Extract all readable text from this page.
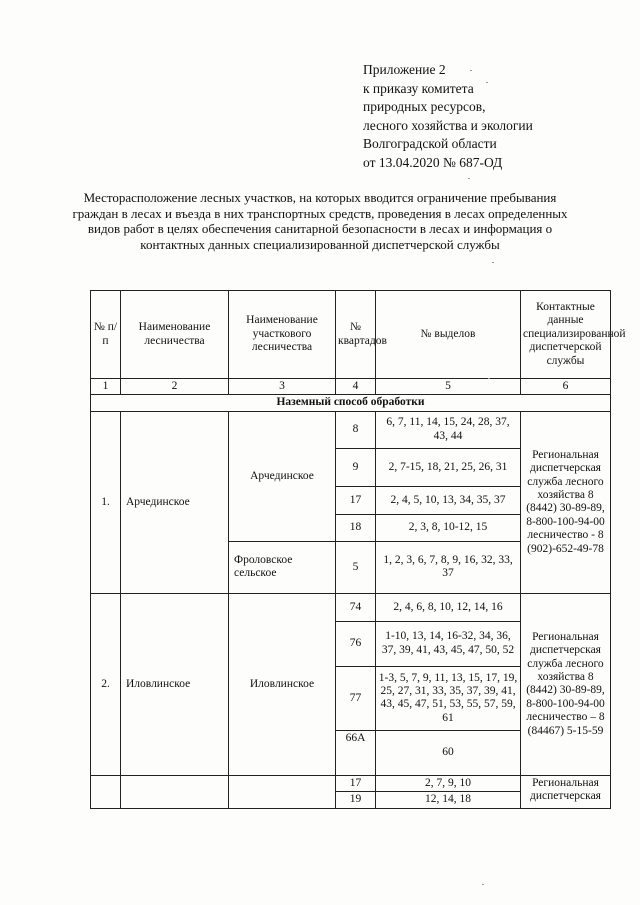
Приложение 2
к приказу комитета
природных ресурсов,
лесного хозяйства и экологии
Волгоградской области
от 13.04.2020 № 687-ОД
Месторасположение лесных участков, на которых вводится ограничение пребывания граждан в лесах и въезда в них транспортных средств, проведения в лесах определенных видов работ в целях обеспечения санитарной безопасности в лесах и информация о контактных данных специализированной диспетчерской службы
№ п/п	Наименование лесничества	Наименование участкового лесничества	№ квартадов	№ выделов	Контактные данные специализированной диспетчерской службы
1	2	3	4	5	6
Наземный способ обработки					
1.	Арчединское	Арчединское	8	6, 7, 11, 14, 15, 24, 28, 37, 43, 44	Региональная диспетчерская служба лесного хозяйства 8 (8442) 30-89-89, 8-800-100-94-00 лесничество - 8 (902)-652-49-78
			9	2, 7-15, 18, 21, 25, 26, 31	
			17	2, 4, 5, 10, 13, 34, 35, 37	
			18	2, 3, 8, 10-12, 15	
		Фроловское сельское	5	1, 2, 3, 6, 7, 8, 9, 16, 32, 33, 37	
2.	Иловлинское	Иловлинское	74	2, 4, 6, 8, 10, 12, 14, 16	Региональная диспетчерская служба лесного хозяйства 8 (8442) 30-89-89, 8-800-100-94-00 лесничество – 8 (84467) 5-15-59
			76	1-10, 13, 14, 16-32, 34, 36, 37, 39, 41, 43, 45, 47, 50, 52	
			77	1-3, 5, 7, 9, 11, 13, 15, 17, 19, 25, 27, 31, 33, 35, 37, 39, 41, 43, 45, 47, 51, 53, 55, 57, 59, 61	
			66А	60	
			17	2, 7, 9, 10	Региональная диспетчерская
			19	12, 14, 18	
